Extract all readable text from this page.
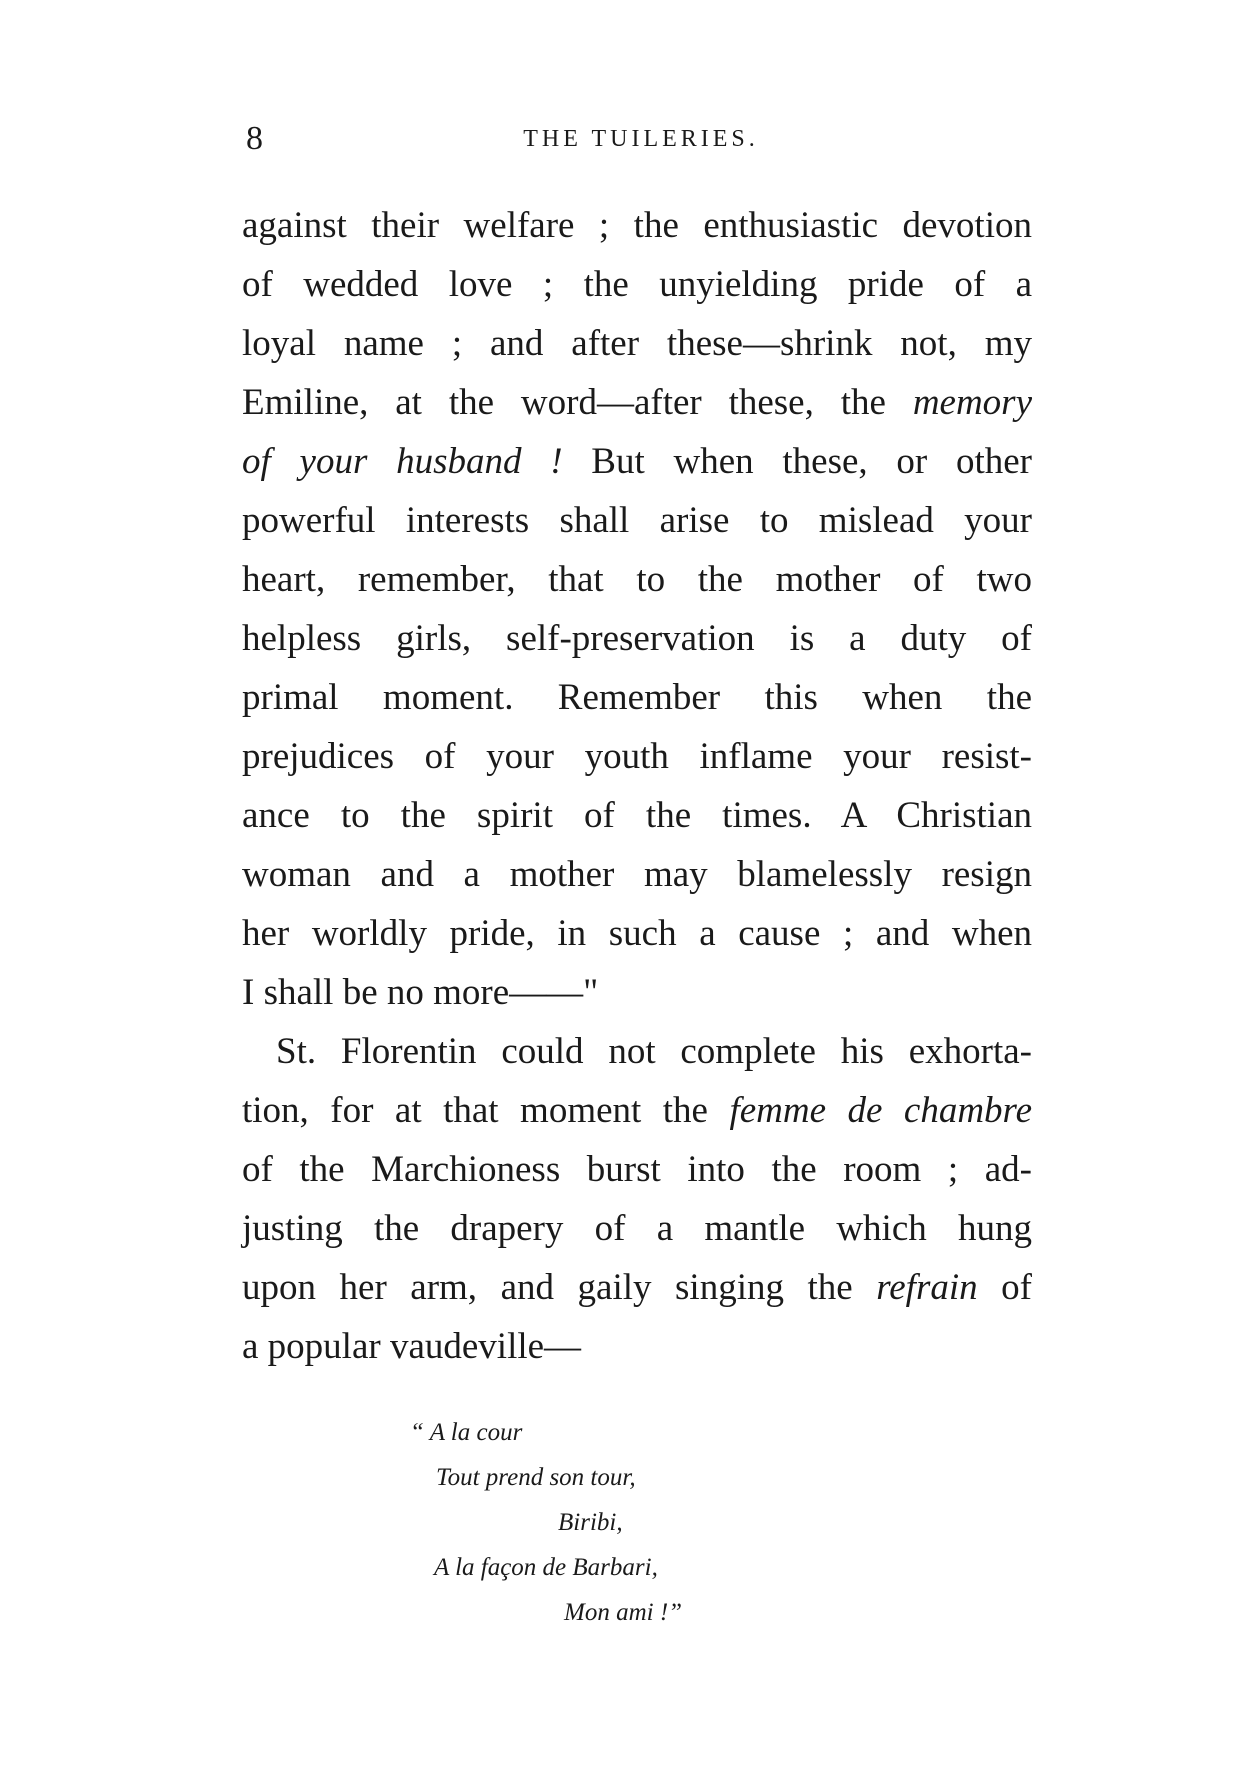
8	THE TUILERIES.
against their welfare ; the enthusiastic devotion
of wedded love ; the unyielding pride of a
loyal name ; and after these—shrink not, my
Emiline, at the word—after these, the memory
of your husband ! But when these, or other
powerful interests shall arise to mislead your
heart, remember, that to the mother of two
helpless girls, self-preservation is a duty of
primal moment. Remember this when the
prejudices of your youth inflame your resist-
ance to the spirit of the times. A Christian
woman and a mother may blamelessly resign
her worldly pride, in such a cause ; and when
I shall be no more——"
St. Florentin could not complete his exhorta-
tion, for at that moment the femme de chambre
of the Marchioness burst into the room ; ad-
justing the drapery of a mantle which hung
upon her arm, and gaily singing the refrain of
a popular vaudeville—
“ A la cour
Tout prend son tour,
Biribi,
A la façon de Barbari,
Mon ami !”
